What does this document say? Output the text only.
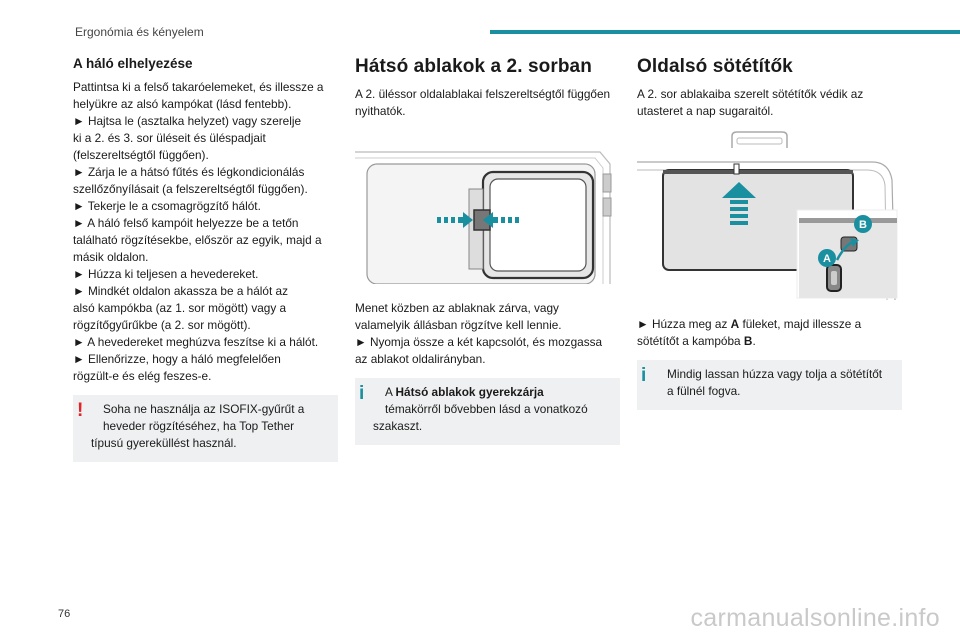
Ergonómia és kényelem
A háló elhelyezése
Pattintsa ki a felső takaróelemeket, és illessze a
helyükre az alsó kampókat (lásd fentebb).
► Hajtsa le (asztalka helyzet) vagy szerelje
ki a 2. és 3. sor üléseit és üléspadjait
(felszereltségtől függően).
► Zárja le a hátsó fűtés és légkondicionálás
szellőzőnyílásait (a felszereltségtől függően).
► Tekerje le a csomagrögzítő hálót.
► A háló felső kampóit helyezze be a tetőn
található rögzítésekbe, először az egyik, majd a
másik oldalon.
► Húzza ki teljesen a hevedereket.
► Mindkét oldalon akassza be a hálót az
alsó kampókba (az 1. sor mögött) vagy a
rögzítőgyűrűkbe (a 2. sor mögött).
► A hevedereket meghúzva feszítse ki a hálót.
► Ellenőrizze, hogy a háló megfelelően
rögzült-e és elég feszes-e.
!	Soha ne használja az ISOFIX-gyűrűt a
heveder rögzítéséhez, ha Top Tether
típusú gyereküllést használ.
Hátsó ablakok a 2. sorban
A 2. üléssor oldalablakai felszereltségtől függően
nyithatók.
Menet közben az ablaknak zárva, vagy
valamelyik állásban rögzítve kell lennie.
► Nyomja össze a két kapcsolót, és mozgassa
az ablakot oldalirányban.
i	A Hátsó ablakok gyerekzárja
témakörről bővebben lásd a vonatkozó
szakaszt.
Oldalsó sötétítők
A 2. sor ablakaiba szerelt sötétítők védik az
utasteret a nap sugaraitól.
B
A
► Húzza meg az A füleket, majd illessze a
sötétítőt a kampóba B.
i	Mindig lassan húzza vagy tolja a sötétítőt
a fülnél fogva.
76	carmanualsonline.info
